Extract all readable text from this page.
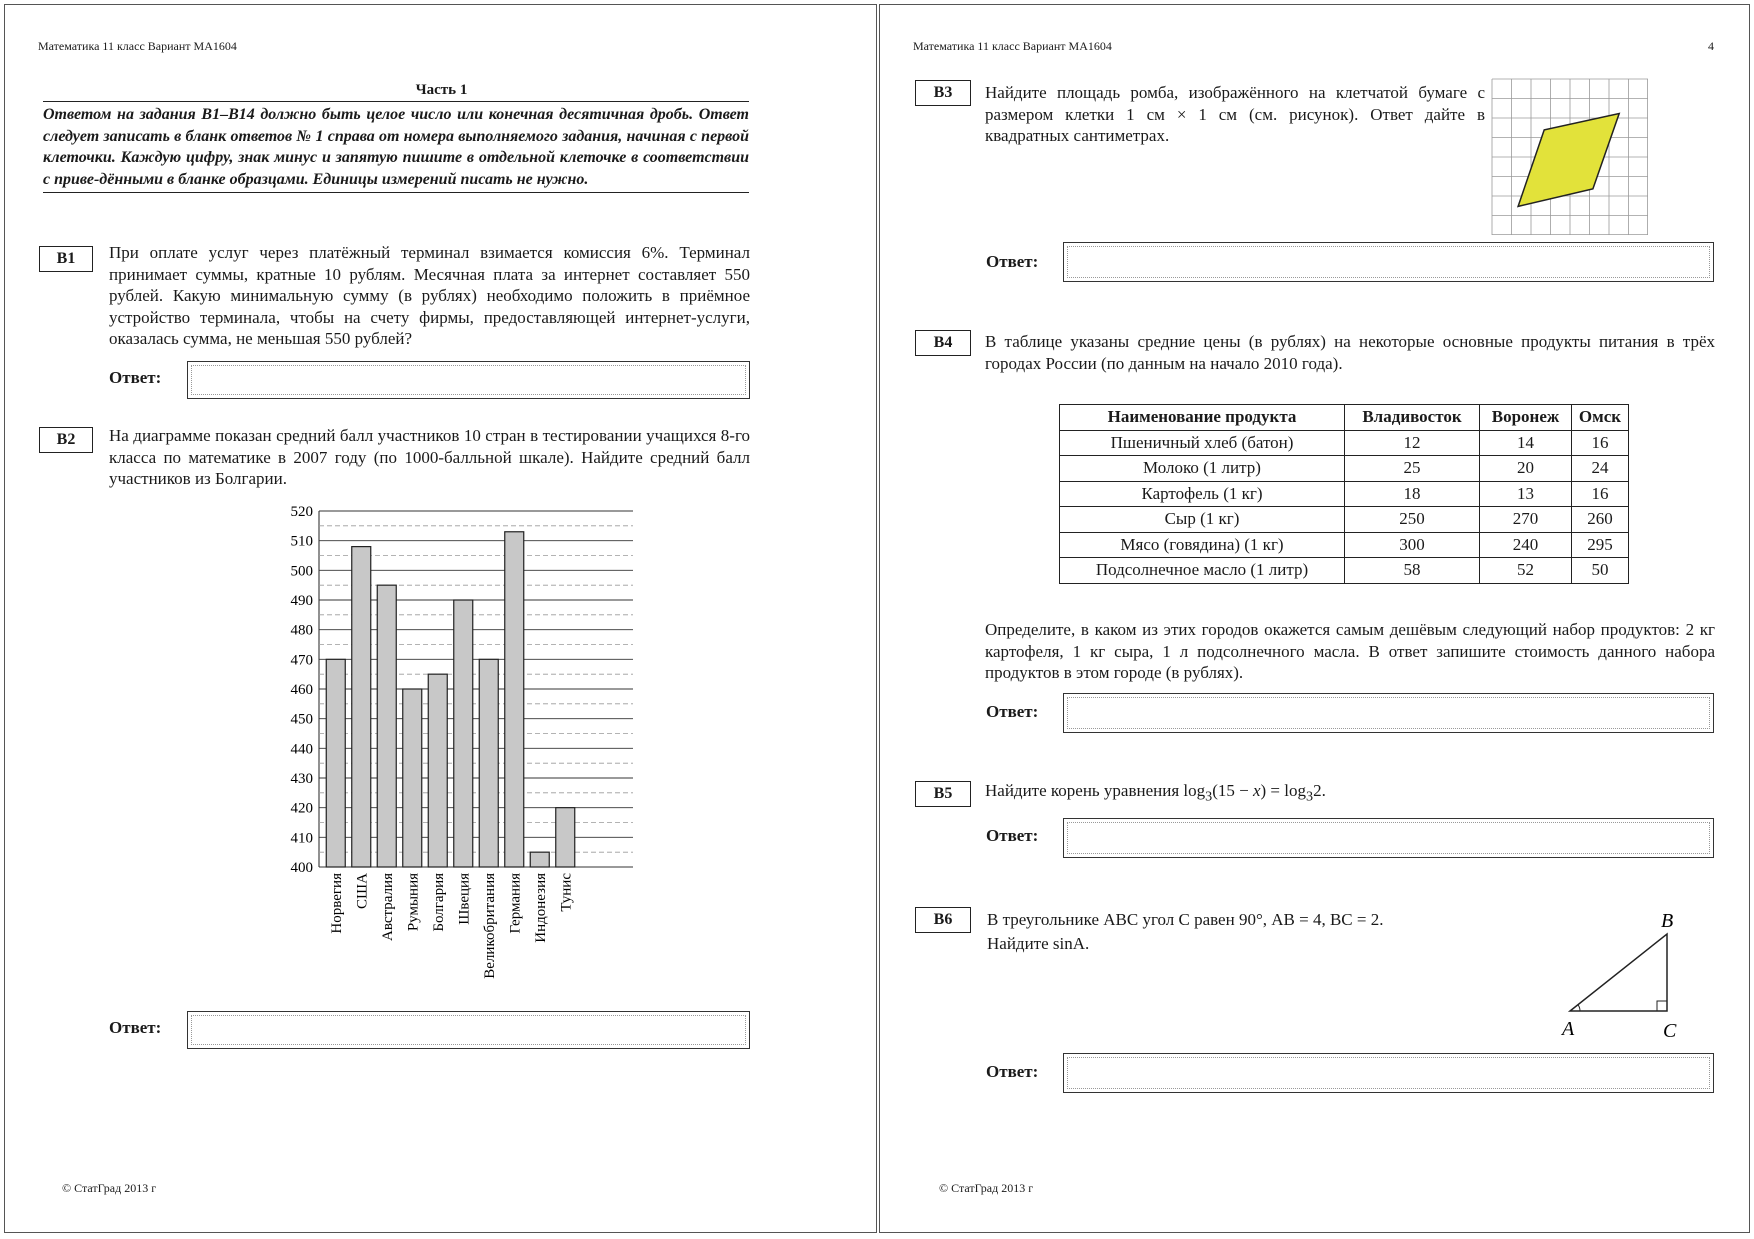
Математика 11 класс Вариант МА1604
Часть 1
Ответом на задания B1–B14 должно быть целое число или конечная десятичная дробь. Ответ следует записать в бланк ответов № 1 справа от номера выполняемого задания, начиная с первой клеточки. Каждую цифру, знак минус и запятую пишите в отдельной клеточке в соответствии с приве-дёнными в бланке образцами. Единицы измерений писать не нужно.
B1	При оплате услуг через платёжный терминал взимается комиссия 6%. Терминал принимает суммы, кратные 10 рублям. Месячная плата за интернет составляет 550 рублей. Какую минимальную сумму (в рублях) необходимо положить в приёмное устройство терминала, чтобы на счету фирмы, предоставляющей интернет-услуги, оказалась сумма, не меньшая 550 рублей?
Ответ:
B2	На диаграмме показан средний балл участников 10 стран в тестировании учащихся 8-го класса по математике в 2007 году (по 1000-балльной шкале). Найдите средний балл участников из Болгарии.
400
410
420
430
440
450
460
470
480
490
500
510
520
Норвегия США Австралия Румыния Болгария Швеция Великобритания Германия Индонезия Тунис
Ответ:
© СтатГрад 2013 г
Математика 11 класс Вариант МА1604	4
B3	Найдите площадь ромба, изображённого на клетчатой бумаге с размером клетки 1 см × 1 см (см. рисунок). Ответ дайте в квадратных сантиметрах.
Ответ:
B4	В таблице указаны средние цены (в рублях) на некоторые основные продукты питания в трёх городах России (по данным на начало 2010 года).
Наименование продукта	Владивосток	Воронеж	Омск
Пшеничный хлеб (батон)	12	14	16
Молоко (1 литр)	25	20	24
Картофель (1 кг)	18	13	16
Сыр (1 кг)	250	270	260
Мясо (говядина) (1 кг)	300	240	295
Подсолнечное масло (1 литр)	58	52	50
Определите, в каком из этих городов окажется самым дешёвым следующий набор продуктов: 2 кг картофеля, 1 кг сыра, 1 л подсолнечного масла. В ответ запишите стоимость данного набора продуктов в этом городе (в рублях).
Ответ:
B5	Найдите корень уравнения $\log_3(15 - x) = \log_32$.
Ответ:
B6	В треугольнике ABC угол C равен 90°, AB = 4, BC = 2.
Найдите sinA.
A
B
C
Ответ:
© СтатГрад 2013 г
